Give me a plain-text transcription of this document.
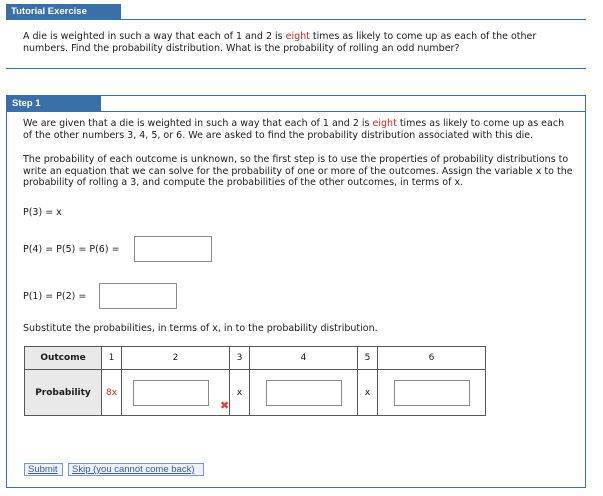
Tutorial Exercise
A die is weighted in such a way that each of 1 and 2 is eight times as likely to come up as each of the other numbers. Find the probability distribution. What is the probability of rolling an odd number?
Step 1
We are given that a die is weighted in such a way that each of 1 and 2 is eight times as likely to come up as each of the other numbers 3, 4, 5, or 6. We are asked to find the probability distribution associated with this die.
The probability of each outcome is unknown, so the first step is to use the properties of probability distributions to write an equation that we can solve for the probability of one or more of the outcomes. Assign the variable x to the probability of rolling a 3, and compute the probabilities of the other outcomes, in terms of x.
P(3) = x
P(4) = P(5) = P(6) =
P(1) = P(2) =
Substitute the probabilities, in terms of x, in to the probability distribution.
Outcome	1	2	3	4	5	6
Probability	8x		x		x	
✖
Submit	Skip (you cannot come back)
